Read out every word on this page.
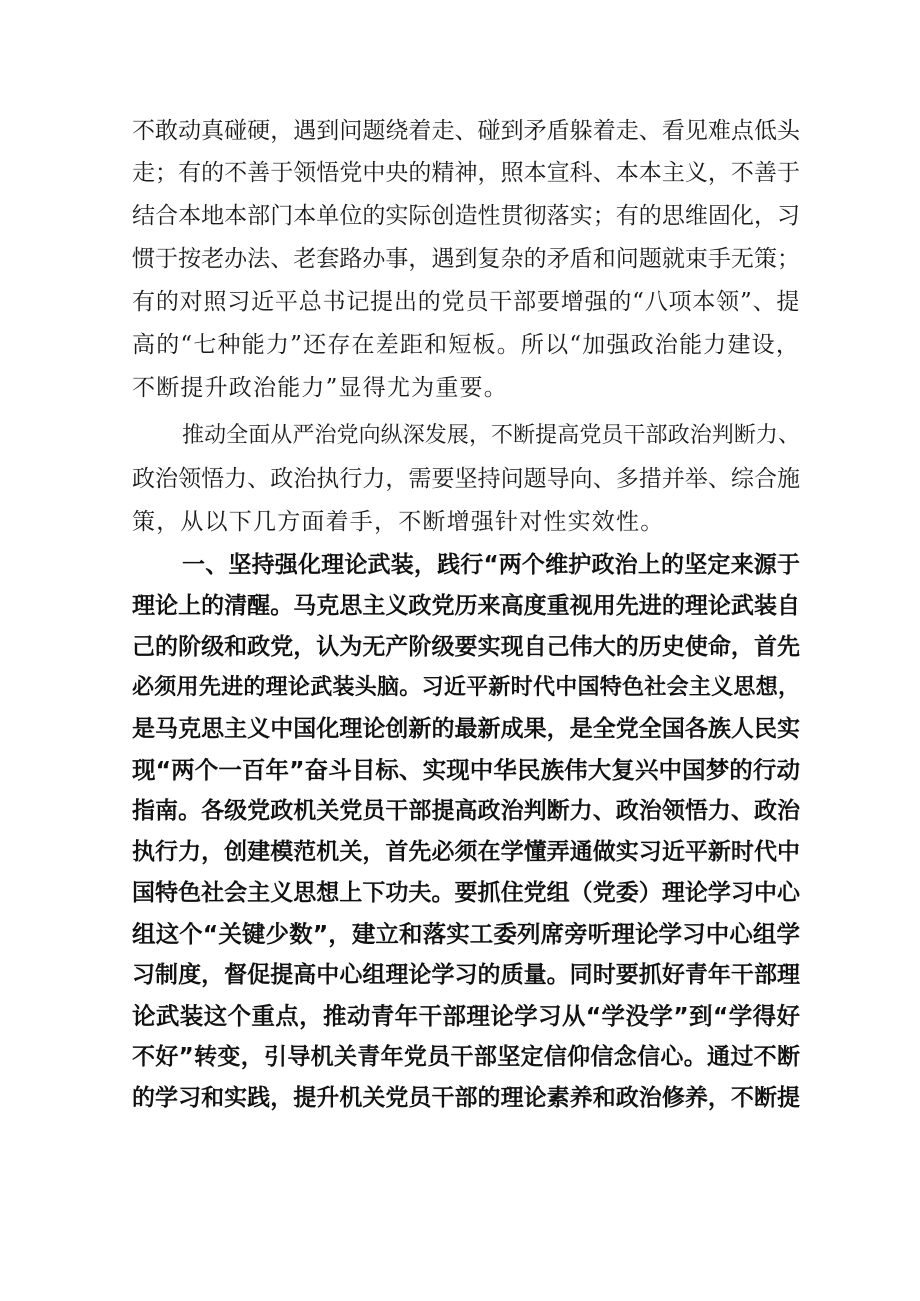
不敢动真碰硬，遇到问题绕着走、碰到矛盾躲着走、看见难点低头
走；有的不善于领悟党中央的精神，照本宣科、本本主义，不善于
结合本地本部门本单位的实际创造性贯彻落实；有的思维固化，习
惯于按老办法、老套路办事，遇到复杂的矛盾和问题就束手无策；
有的对照习近平总书记提出的党员干部要增强的“八项本领”、提
高的“七种能力”还存在差距和短板。所以“加强政治能力建设，
不断提升政治能力”显得尤为重要。
推动全面从严治党向纵深发展，不断提高党员干部政治判断力、
政治领悟力、政治执行力，需要坚持问题导向、多措并举、综合施
策，从以下几方面着手，不断增强针对性实效性。
一、坚持强化理论武装，践行“两个维护政治上的坚定来源于
理论上的清醒。马克思主义政党历来高度重视用先进的理论武装自
己的阶级和政党，认为无产阶级要实现自己伟大的历史使命，首先
必须用先进的理论武装头脑。习近平新时代中国特色社会主义思想，
是马克思主义中国化理论创新的最新成果，是全党全国各族人民实
现“两个一百年”奋斗目标、实现中华民族伟大复兴中国梦的行动
指南。各级党政机关党员干部提高政治判断力、政治领悟力、政治
执行力，创建模范机关，首先必须在学懂弄通做实习近平新时代中
国特色社会主义思想上下功夫。要抓住党组（党委）理论学习中心
组这个“关键少数”，建立和落实工委列席旁听理论学习中心组学
习制度，督促提高中心组理论学习的质量。同时要抓好青年干部理
论武装这个重点，推动青年干部理论学习从“学没学”到“学得好
不好”转变，引导机关青年党员干部坚定信仰信念信心。通过不断
的学习和实践，提升机关党员干部的理论素养和政治修养，不断提
